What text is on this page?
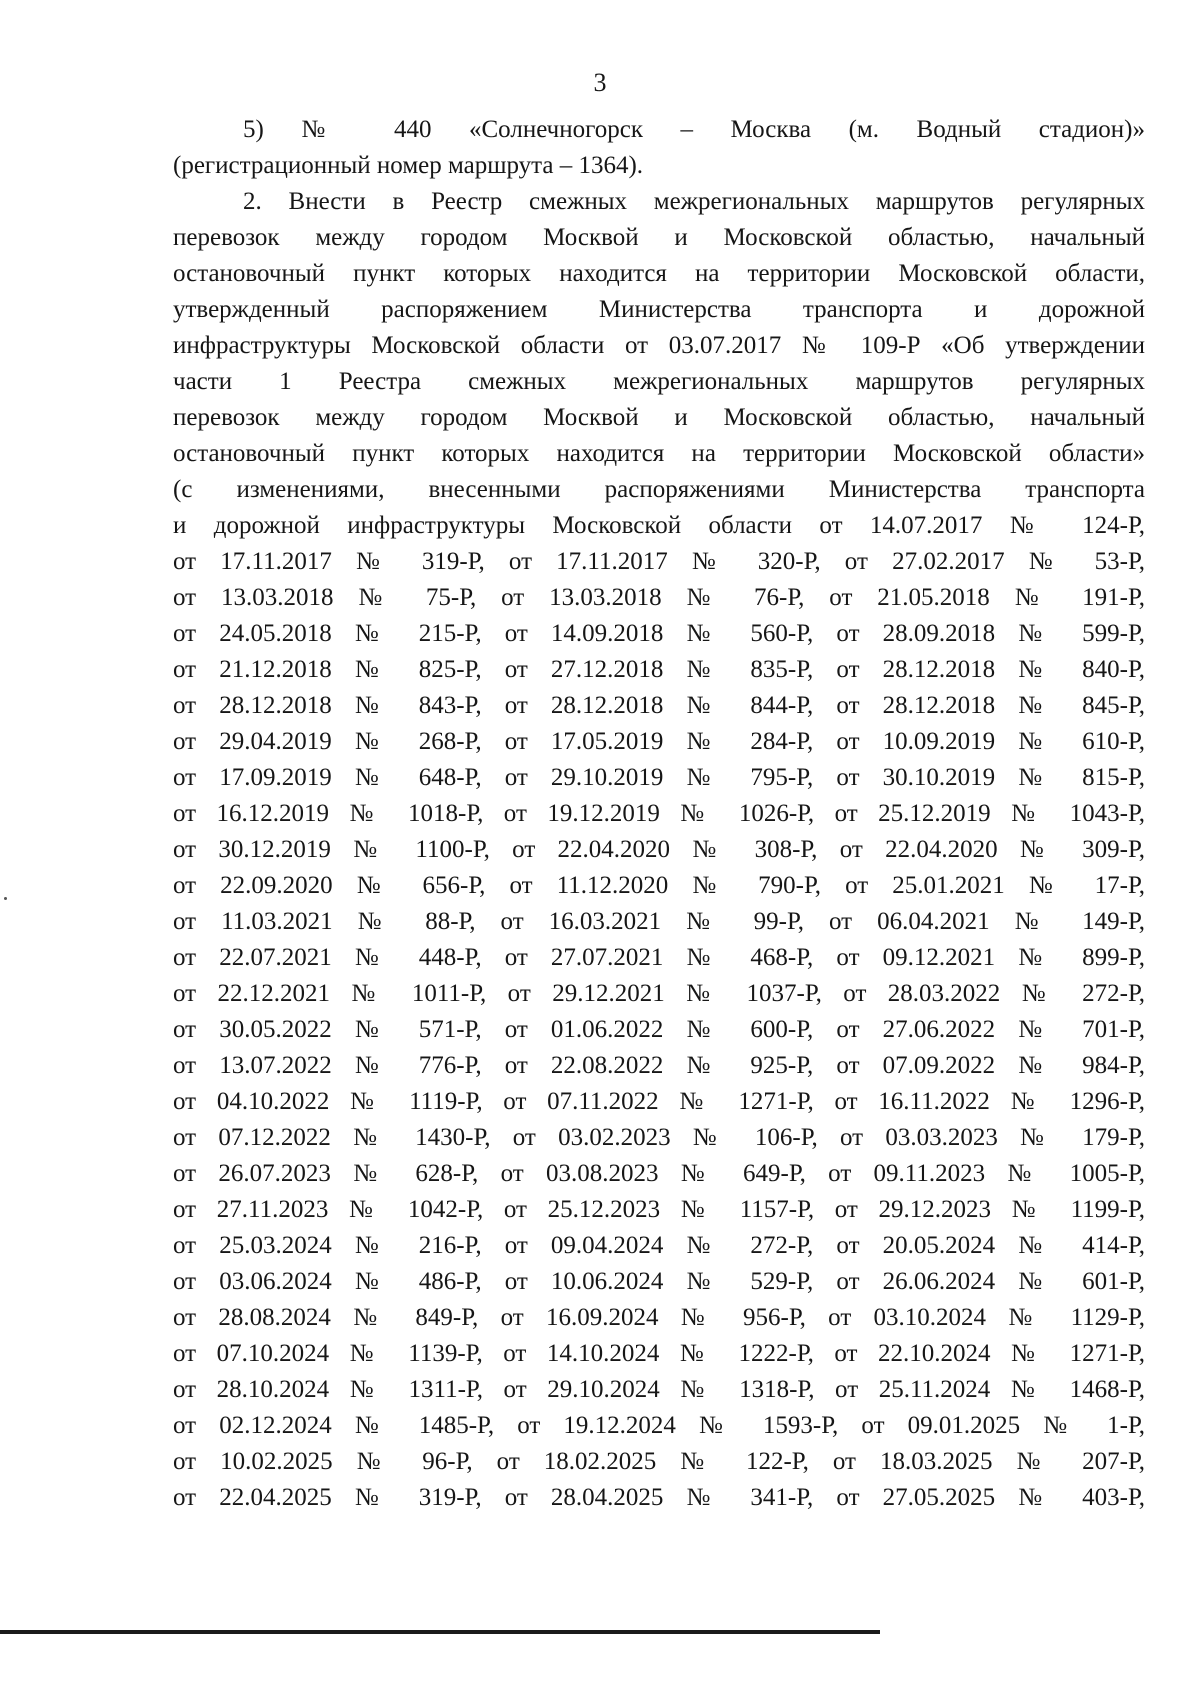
3
5) № 440 «Солнечногорск – Москва (м. Водный стадион)»
(регистрационный номер маршрута – 1364).
2. Внести в Реестр смежных межрегиональных маршрутов регулярных
перевозок между городом Москвой и Московской областью, начальный
остановочный пункт которых находится на территории Московской области,
утвержденный распоряжением Министерства транспорта и дорожной
инфраструктуры Московской области от 03.07.2017 № 109-Р «Об утверждении
части 1 Реестра смежных межрегиональных маршрутов регулярных
перевозок между городом Москвой и Московской областью, начальный
остановочный пункт которых находится на территории Московской области»
(с изменениями, внесенными распоряжениями Министерства транспорта
и дорожной инфраструктуры Московской области от 14.07.2017 № 124-Р,
от 17.11.2017 № 319-Р, от 17.11.2017 № 320-Р, от 27.02.2017 № 53-Р,
от 13.03.2018 № 75-Р, от 13.03.2018 № 76-Р, от 21.05.2018 № 191-Р,
от 24.05.2018 № 215-Р, от 14.09.2018 № 560-Р, от 28.09.2018 № 599-Р,
от 21.12.2018 № 825-Р, от 27.12.2018 № 835-Р, от 28.12.2018 № 840-Р,
от 28.12.2018 № 843-Р, от 28.12.2018 № 844-Р, от 28.12.2018 № 845-Р,
от 29.04.2019 № 268-Р, от 17.05.2019 № 284-Р, от 10.09.2019 № 610-Р,
от 17.09.2019 № 648-Р, от 29.10.2019 № 795-Р, от 30.10.2019 № 815-Р,
от 16.12.2019 № 1018-Р, от 19.12.2019 № 1026-Р, от 25.12.2019 № 1043-Р,
от 30.12.2019 № 1100-Р, от 22.04.2020 № 308-Р, от 22.04.2020 № 309-Р,
от 22.09.2020 № 656-Р, от 11.12.2020 № 790-Р, от 25.01.2021 № 17-Р,
от 11.03.2021 № 88-Р, от 16.03.2021 № 99-Р, от 06.04.2021 № 149-Р,
от 22.07.2021 № 448-Р, от 27.07.2021 № 468-Р, от 09.12.2021 № 899-Р,
от 22.12.2021 № 1011-Р, от 29.12.2021 № 1037-Р, от 28.03.2022 № 272-Р,
от 30.05.2022 № 571-Р, от 01.06.2022 № 600-Р, от 27.06.2022 № 701-Р,
от 13.07.2022 № 776-Р, от 22.08.2022 № 925-Р, от 07.09.2022 № 984-Р,
от 04.10.2022 № 1119-Р, от 07.11.2022 № 1271-Р, от 16.11.2022 № 1296-Р,
от 07.12.2022 № 1430-Р, от 03.02.2023 № 106-Р, от 03.03.2023 № 179-Р,
от 26.07.2023 № 628-Р, от 03.08.2023 № 649-Р, от 09.11.2023 № 1005-Р,
от 27.11.2023 № 1042-Р, от 25.12.2023 № 1157-Р, от 29.12.2023 № 1199-Р,
от 25.03.2024 № 216-Р, от 09.04.2024 № 272-Р, от 20.05.2024 № 414-Р,
от 03.06.2024 № 486-Р, от 10.06.2024 № 529-Р, от 26.06.2024 № 601-Р,
от 28.08.2024 № 849-Р, от 16.09.2024 № 956-Р, от 03.10.2024 № 1129-Р,
от 07.10.2024 № 1139-Р, от 14.10.2024 № 1222-Р, от 22.10.2024 № 1271-Р,
от 28.10.2024 № 1311-Р, от 29.10.2024 № 1318-Р, от 25.11.2024 № 1468-Р,
от 02.12.2024 № 1485-Р, от 19.12.2024 № 1593-Р, от 09.01.2025 № 1-Р,
от 10.02.2025 № 96-Р, от 18.02.2025 № 122-Р, от 18.03.2025 № 207-Р,
от 22.04.2025 № 319-Р, от 28.04.2025 № 341-Р, от 27.05.2025 № 403-Р,
